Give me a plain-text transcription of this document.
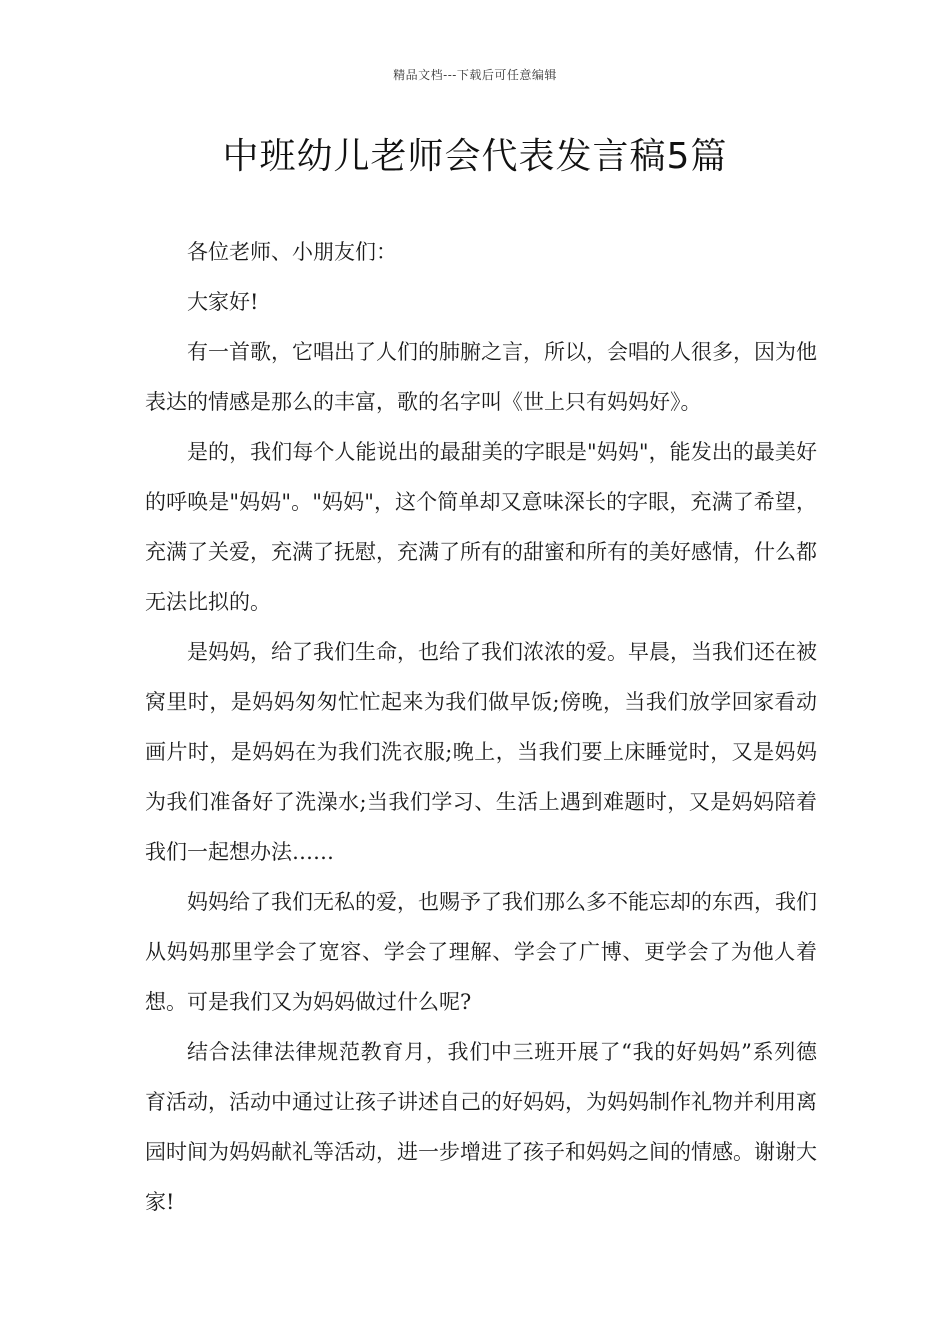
精品文档---下载后可任意编辑
中班幼儿老师会代表发言稿5篇

各位老师、小朋友们：

大家好!

有一首歌，它唱出了人们的肺腑之言，所以，会唱的人很多，因为他表达的情感是那么的丰富，歌的名字叫《世上只有妈妈好》。

是的，我们每个人能说出的最甜美的字眼是"妈妈"，能发出的最美好的呼唤是"妈妈"。"妈妈"，这个简单却又意味深长的字眼，充满了希望，充满了关爱，充满了抚慰，充满了所有的甜蜜和所有的美好感情，什么都无法比拟的。

是妈妈，给了我们生命，也给了我们浓浓的爱。早晨，当我们还在被窝里时，是妈妈匆匆忙忙起来为我们做早饭;傍晚，当我们放学回家看动画片时，是妈妈在为我们洗衣服;晚上，当我们要上床睡觉时，又是妈妈为我们准备好了洗澡水;当我们学习、生活上遇到难题时，又是妈妈陪着我们一起想办法……

妈妈给了我们无私的爱，也赐予了我们那么多不能忘却的东西，我们从妈妈那里学会了宽容、学会了理解、学会了广博、更学会了为他人着想。可是我们又为妈妈做过什么呢?

结合法律法律规范教育月，我们中三班开展了“我的好妈妈”系列德育活动，活动中通过让孩子讲述自己的好妈妈，为妈妈制作礼物并利用离园时间为妈妈献礼等活动，进一步增进了孩子和妈妈之间的情感。谢谢大家!
